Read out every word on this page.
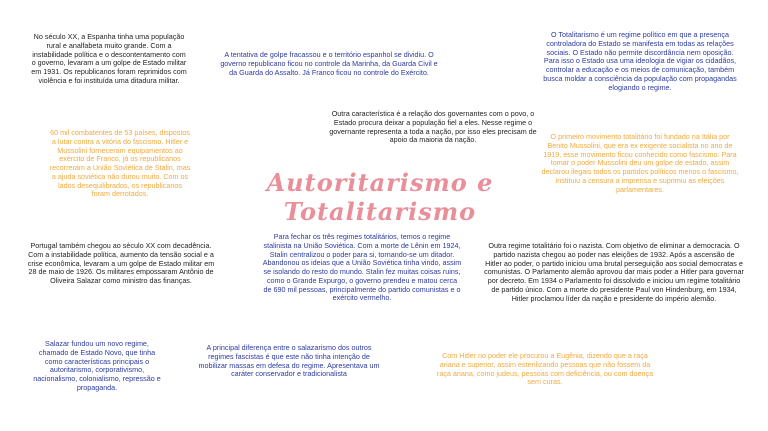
No século XX, a Espanha tinha uma população rural e analfabeta muito grande. Com a instabilidade política e o descontentamento com o governo, levaram a um golpe de Estado militar em 1931. Os republicanos foram reprimidos com violência e foi instituída uma ditadura militar.

A tentativa de golpe fracassou e o território espanhol se dividiu. O governo republicano ficou no controle da Marinha, da Guarda Civil e da Guarda do Assalto. Já Franco ficou no controle do Exército.

O Totalitarismo é um regime político em que a presença controladora do Estado se manifesta em todas as relações sociais. O Estado não permite discordância nem oposição. Para isso o Estado usa uma ideologia de vigiar os cidadãos, controlar a educação e os meios de comunicação, também busca moldar a consciência da população com propagandas elogiando o regime.

Outra característica é a relação dos governantes com o povo, o Estado procura deixar a população fiel a eles. Nesse regime o governante representa a toda a nação, por isso eles precisam de apoio da maioria da nação.

60 mil combatentes de 53 países, dispostos a lutar contra a vitória do fascismo. Hitler e Mussolini forneceram equipamentos ao exército de Franco, já os republicanos recorreram a União Soviética de Stalin, mas a ajuda soviética não durou muito. Com os lados desequilibrados, os republicanos foram derrotados.

O primeiro movimento totalitário foi fundado na Itália por Benito Mussolini, que era ex exigente socialista no ano de 1919, esse movimento ficou conhecido como fascismo. Para tomar o poder Mussolini deu um golpe de estado, assim declarou ilegais todos os partidos políticos menos o fascismo, instituiu a censura a imprensa e suprimiu as eleições parlamentares.

Autoritarismo e Totalitarismo

Portugal também chegou ao século XX com decadência. Com a instabilidade política, aumento da tensão social e a crise econômica, levaram a um golpe de Estado militar em 28 de maio de 1926. Os militares empossaram Antônio de Oliveira Salazar como ministro das finanças.

Para fechar os três regimes totalitários, temos o regime stalinista na União Soviética. Com a morte de Lênin em 1924, Stalin centralizou o poder para si, tornando-se um ditador. Abandonou os ideias que a União Soviética tinha vindo, assim se isolando do resto do mundo. Stalin fez muitas coisas ruins, como o Grande Expurgo, o governo prendeu e matou cerca de 690 mil pessoas, principalmente do partido comunistas e o exército vermelho.

Outra regime totalitário foi o nazista. Com objetivo de eliminar a democracia. O partido nazista chegou ao poder nas eleições de 1932. Após a ascensão de Hitler ao poder, o partido iniciou uma brutal perseguição aos social democratas e comunistas. O Parlamento alemão aprovou dar mais poder a Hitler para governar por decreto. Em 1934 o Parlamento foi dissolvido e iniciou um regime totalitário de partido único. Com a morte do presidente Paul von Hindenburg, em 1934, Hitler proclamou líder da nação e presidente do império alemão.

Salazar fundou um novo regime, chamado de Estado Novo, que tinha como características principais o autoritarismo, corporativismo, nacionalismo, colonialismo, repressão e propaganda.

A principal diferença entre o salazarismo dos outros regimes fascistas é que este não tinha intenção de mobilizar massas em defesa do regime. Apresentava um caráter conservador e tradicionalista

Com Hitler no poder ele procurou a Eugênia, dizendo que a raça ariana e superior, assim esterilizando pessoas que não fossem da raça ariana, como judeus, pessoas com deficiência, ou com doença sem curas.
